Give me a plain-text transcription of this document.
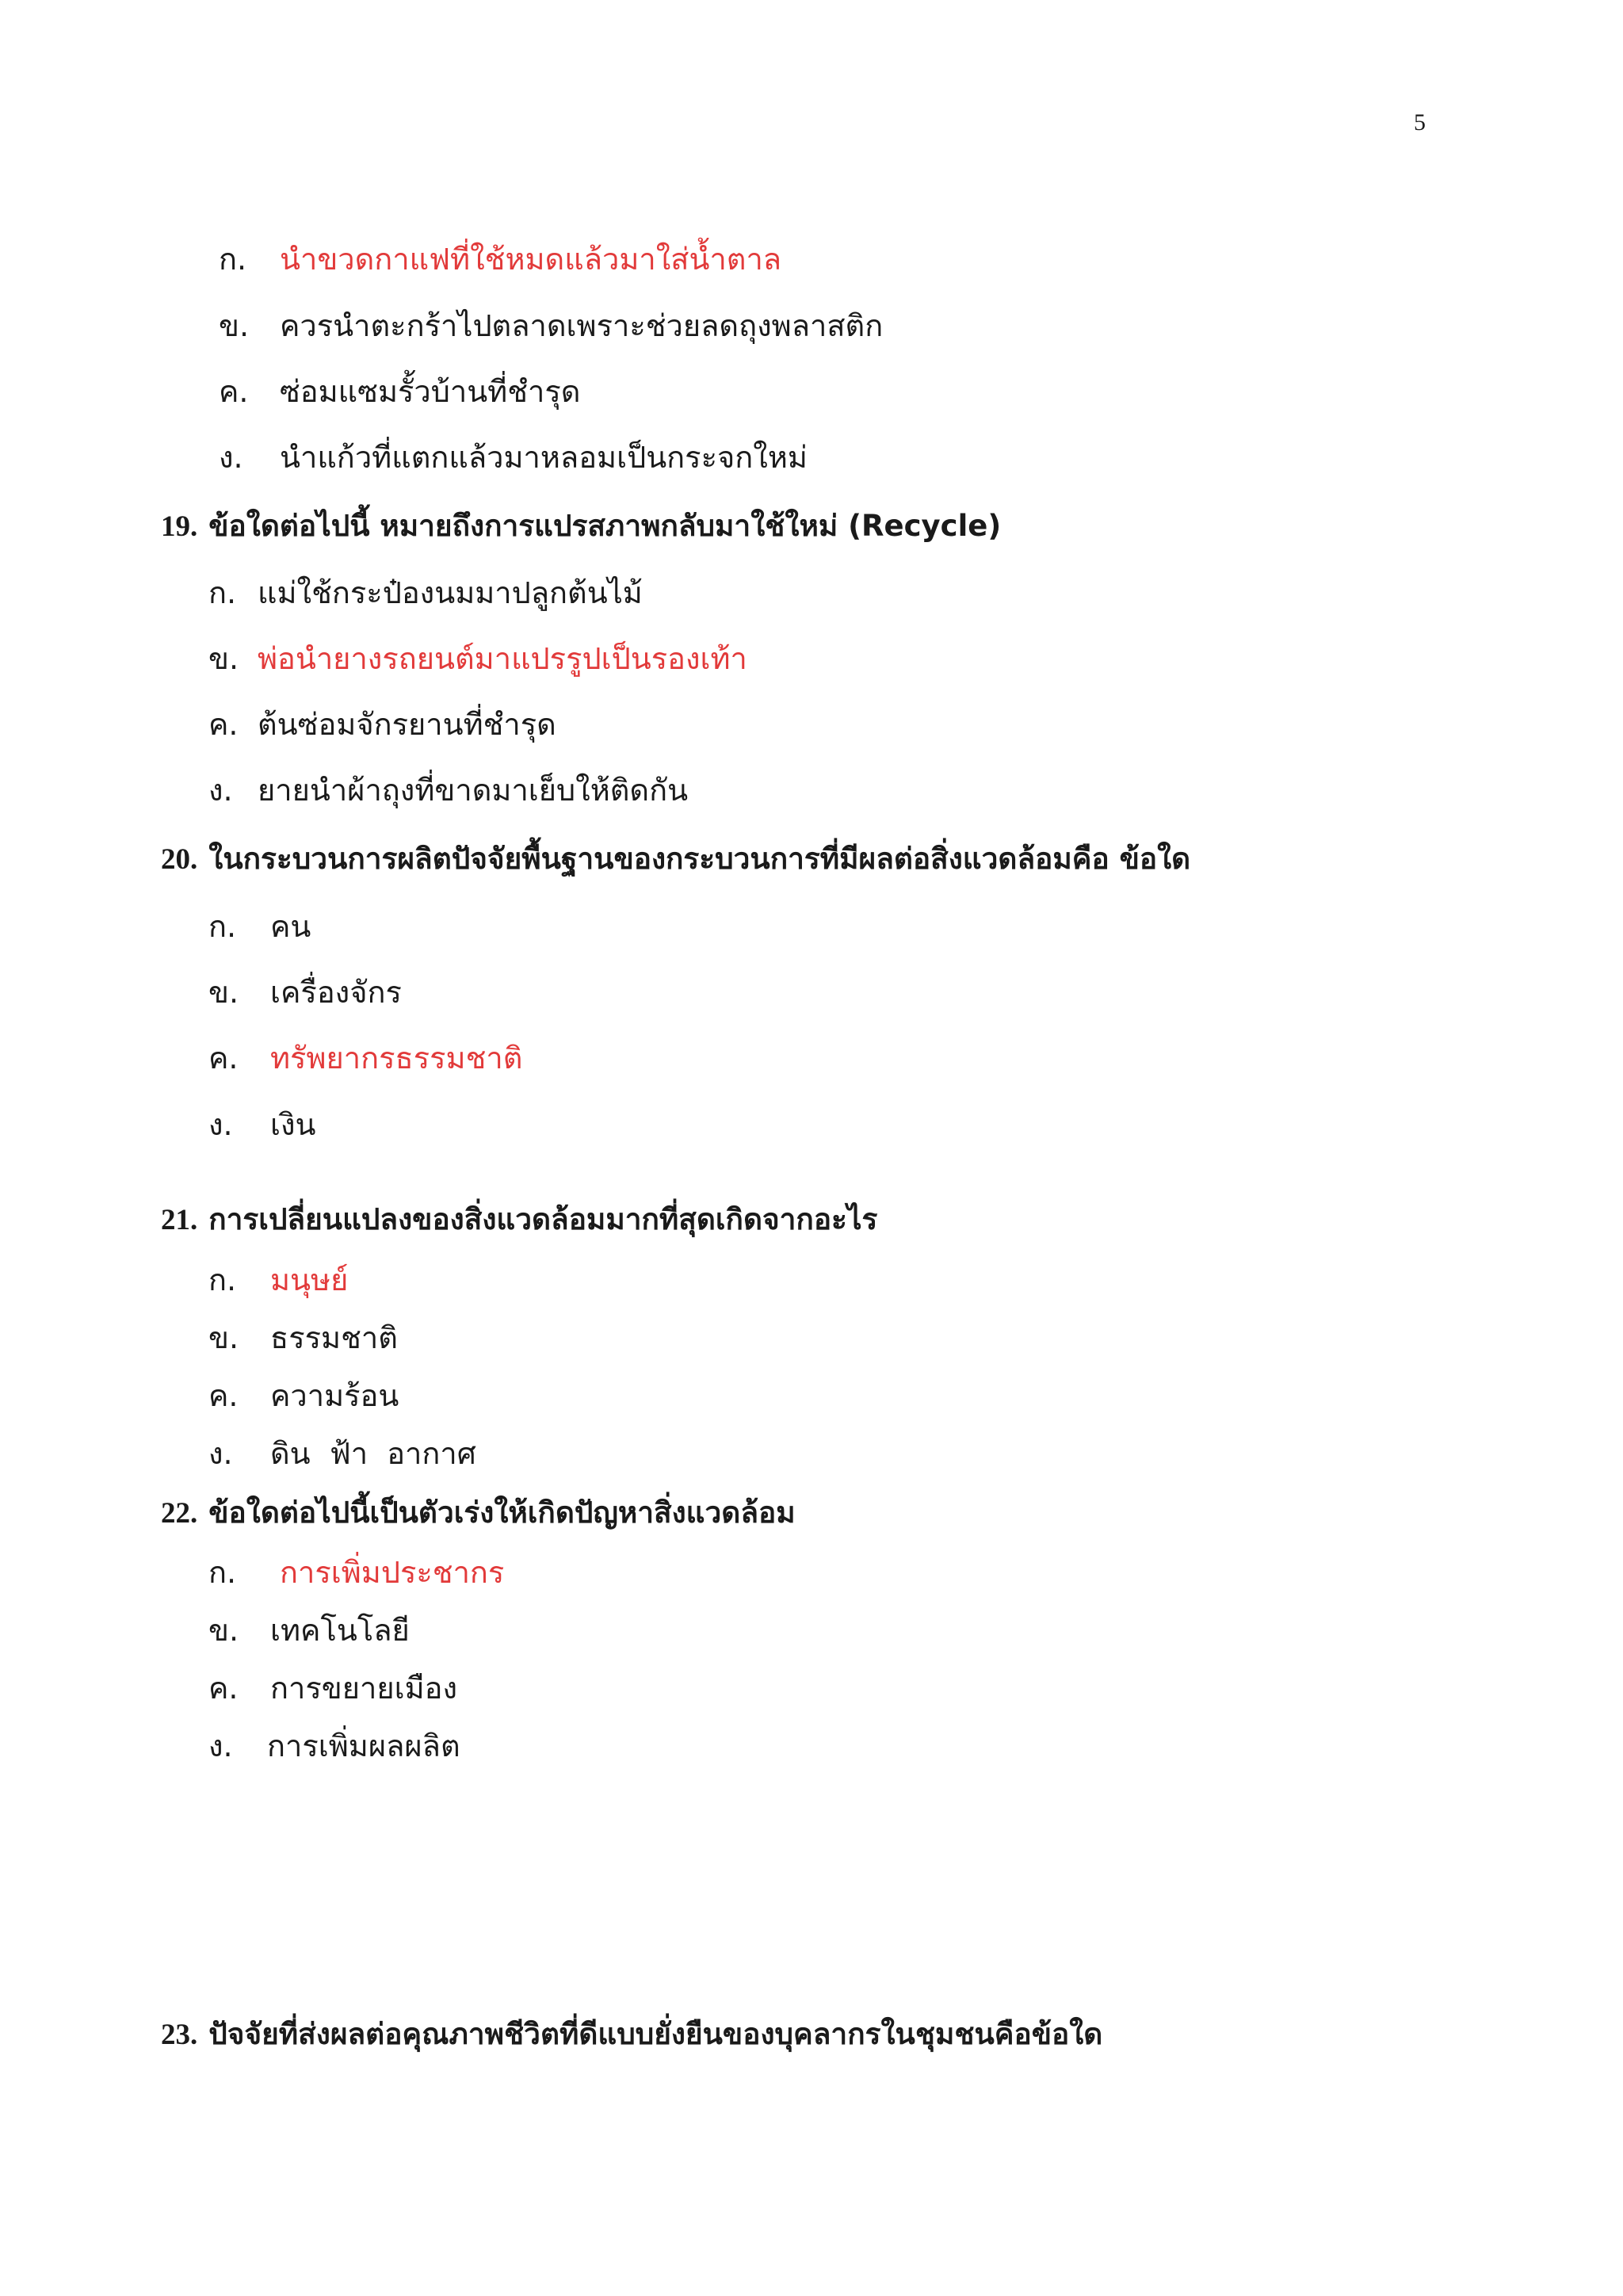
5
ก. นำขวดกาแฟที่ใช้หมดแล้วมาใส่น้ำตาล
ข. ควรนำตะกร้าไปตลาดเพราะช่วยลดถุงพลาสติก
ค. ซ่อมแซมรั้วบ้านที่ชำรุด
ง. นำแก้วที่แตกแล้วมาหลอมเป็นกระจกใหม่
19. ข้อใดต่อไปนี้ หมายถึงการแปรสภาพกลับมาใช้ใหม่ (Recycle)
ก. แม่ใช้กระป๋องนมมาปลูกต้นไม้
ข. พ่อนำยางรถยนต์มาแปรรูปเป็นรองเท้า
ค. ต้นซ่อมจักรยานที่ชำรุด
ง. ยายนำผ้าถุงที่ขาดมาเย็บให้ติดกัน
20. ในกระบวนการผลิตปัจจัยพื้นฐานของกระบวนการที่มีผลต่อสิ่งแวดล้อมคือ ข้อใด
ก. คน
ข. เครื่องจักร
ค. ทรัพยากรธรรมชาติ
ง. เงิน
21. การเปลี่ยนแปลงของสิ่งแวดล้อมมากที่สุดเกิดจากอะไร
ก. มนุษย์
ข. ธรรมชาติ
ค. ความร้อน
ง. ดิน  ฟ้า  อากาศ
22. ข้อใดต่อไปนี้เป็นตัวเร่งให้เกิดปัญหาสิ่งแวดล้อม
ก. การเพิ่มประชากร
ข. เทคโนโลยี
ค. การขยายเมือง
ง. การเพิ่มผลผลิต
23. ปัจจัยที่ส่งผลต่อคุณภาพชีวิตที่ดีแบบยั่งยืนของบุคลากรในชุมชนคือข้อใด
